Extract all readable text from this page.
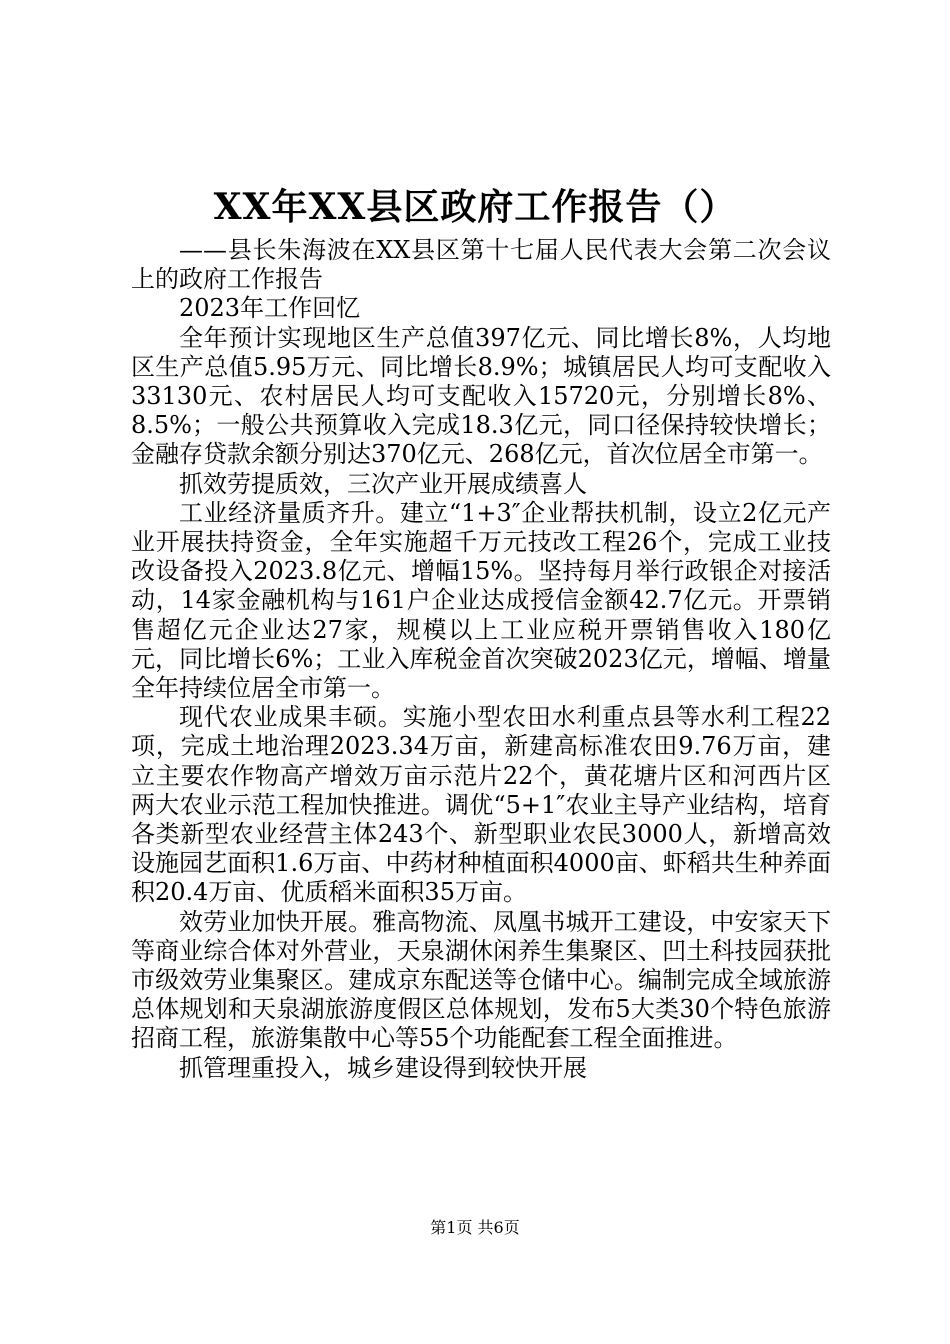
XX年XX县区政府工作报告（）

——县长朱海波在XX县区第十七届人民代表大会第二次会议上的政府工作报告

2023年工作回忆

全年预计实现地区生产总值397亿元、同比增长8%，人均地区生产总值5.95万元、同比增长8.9%；城镇居民人均可支配收入33130元、农村居民人均可支配收入15720元，分别增长8%、8.5%；一般公共预算收入完成18.3亿元，同口径保持较快增长；金融存贷款余额分别达370亿元、268亿元，首次位居全市第一。

抓效劳提质效，三次产业开展成绩喜人

工业经济量质齐升。建立“1+3″企业帮扶机制，设立2亿元产业开展扶持资金，全年实施超千万元技改工程26个，完成工业技改设备投入2023.8亿元、增幅15%。坚持每月举行政银企对接活动，14家金融机构与161户企业达成授信金额42.7亿元。开票销售超亿元企业达27家，规模以上工业应税开票销售收入180亿元，同比增长6%；工业入库税金首次突破2023亿元，增幅、增量全年持续位居全市第一。

现代农业成果丰硕。实施小型农田水利重点县等水利工程22项，完成土地治理2023.34万亩，新建高标准农田9.76万亩，建立主要农作物高产增效万亩示范片22个，黄花塘片区和河西片区两大农业示范工程加快推进。调优“5+1″农业主导产业结构，培育各类新型农业经营主体243个、新型职业农民3000人，新增高效设施园艺面积1.6万亩、中药材种植面积4000亩、虾稻共生种养面积20.4万亩、优质稻米面积35万亩。

效劳业加快开展。雅高物流、凤凰书城开工建设，中安家天下等商业综合体对外营业，天泉湖休闲养生集聚区、凹土科技园获批市级效劳业集聚区。建成京东配送等仓储中心。编制完成全域旅游总体规划和天泉湖旅游度假区总体规划，发布5大类30个特色旅游招商工程，旅游集散中心等55个功能配套工程全面推进。

抓管理重投入，城乡建设得到较快开展

第1页 共6页
